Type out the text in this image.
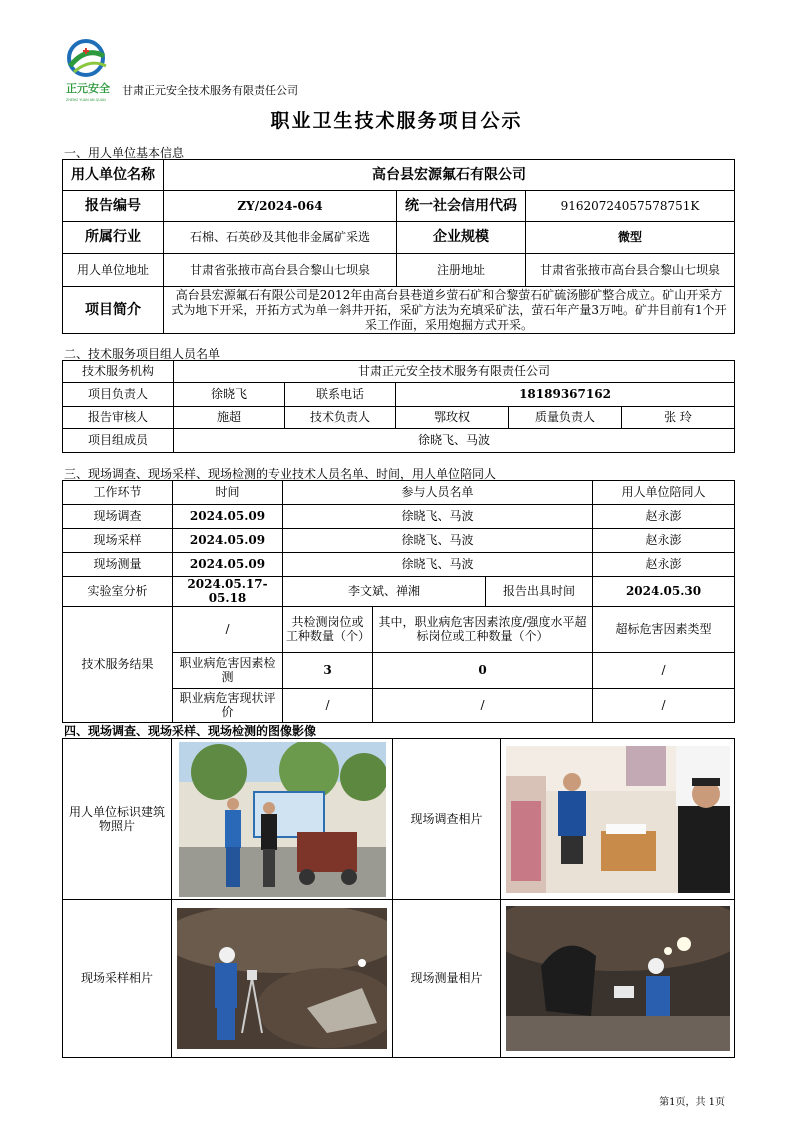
正元安全
ZHENG YUAN AN QUAN
甘肃正元安全技术服务有限责任公司
职业卫生技术服务项目公示
一、用人单位基本信息
用人单位名称	高台县宏源氟石有限公司		
报告编号	ZY/2024-064	统一社会信用代码	91620724057578751K
所属行业	石棉、石英砂及其他非金属矿采选	企业规模	微型
用人单位地址	甘肃省张掖市高台县合黎山七坝泉	注册地址	甘肃省张掖市高台县合黎山七坝泉
项目简介	高台县宏源氟石有限公司是2012年由高台县巷道乡萤石矿和合黎萤石矿硫汤膨矿整合成立。矿山开采方式为地下开采，开拓方式为单一斜井开拓，采矿方法为充填采矿法，萤石年产量3万吨。矿井目前有1个开采工作面，采用炮掘方式开采。		
二、技术服务项目组人员名单
技术服务机构	甘肃正元安全技术服务有限责任公司				
项目负责人	徐晓飞	联系电话	18189367162		
报告审核人	施超	技术负责人	鄂玫权	质量负责人	张 玲
项目组成员	徐晓飞、马波				
三、现场调查、现场采样、现场检测的专业技术人员名单、时间，用人单位陪同人
工作环节	时间	参与人员名单			用人单位陪同人
现场调查	2024.05.09	徐晓飞、马波			赵永澎
现场采样	2024.05.09	徐晓飞、马波			赵永澎
现场测量	2024.05.09	徐晓飞、马波			赵永澎
实验室分析	2024.05.17-05.18	李文斌、禅湘		报告出具时间	2024.05.30
技术服务结果	/	共检测岗位或工种数量（个）	其中，职业病危害因素浓度/强度水平超标岗位或工种数量（个）		超标危害因素类型
	职业病危害因素检测	3	0		/
	职业病危害现状评价	/	/		/
四、现场调查、现场采样、现场检测的图像影像
用人单位标识建筑物照片		现场调查相片	

现场采样相片		现场测量相片	
第1页，共 1页
